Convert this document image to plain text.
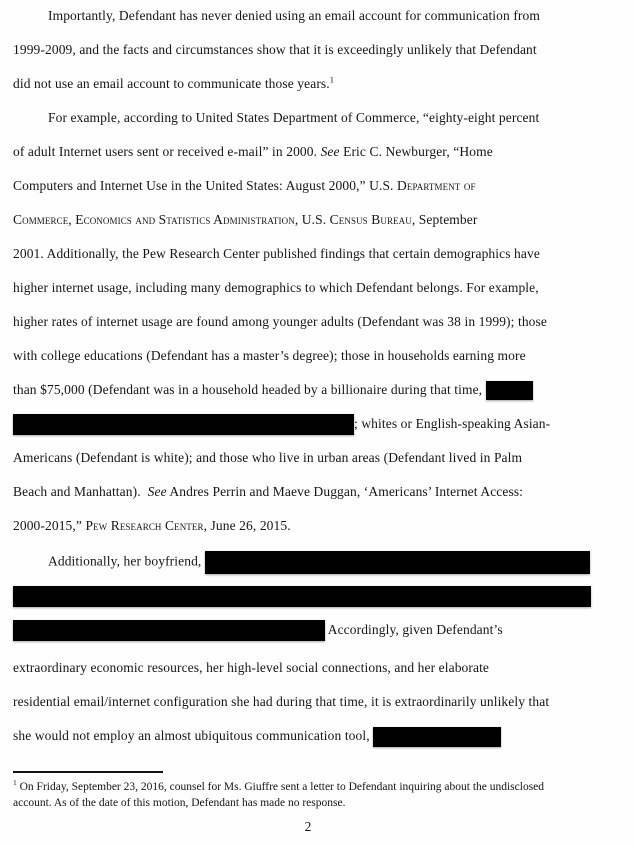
Importantly, Defendant has never denied using an email account for communication from
1999-2009, and the facts and circumstances show that it is exceedingly unlikely that Defendant
did not use an email account to communicate those years.$^1$
For example, according to United States Department of Commerce, “eighty-eight percent
of adult Internet users sent or received e-mail” in 2000. See Eric C. Newburger, “Home
Computers and Internet Use in the United States: August 2000,” U.S. Department of
Commerce, Economics and Statistics Administration, U.S. Census Bureau, September
2001. Additionally, the Pew Research Center published findings that certain demographics have
higher internet usage, including many demographics to which Defendant belongs. For example,
higher rates of internet usage are found among younger adults (Defendant was 38 in 1999); those
with college educations (Defendant has a master’s degree); those in households earning more
than $75,000 (Defendant was in a household headed by a billionaire during that time,
; whites or English-speaking Asian-
Americans (Defendant is white); and those who live in urban areas (Defendant lived in Palm
Beach and Manhattan).  See Andres Perrin and Maeve Duggan, ‘Americans’ Internet Access:
2000-2015,” Pew Research Center, June 26, 2015.
Additionally, her boyfriend,
Accordingly, given Defendant’s
extraordinary economic resources, her high-level social connections, and her elaborate
residential email/internet configuration she had during that time, it is extraordinarily unlikely that
she would not employ an almost ubiquitous communication tool,
$^1$ On Friday, September 23, 2016, counsel for Ms. Giuffre sent a letter to Defendant inquiring about the undisclosed
account. As of the date of this motion, Defendant has made no response.
2
